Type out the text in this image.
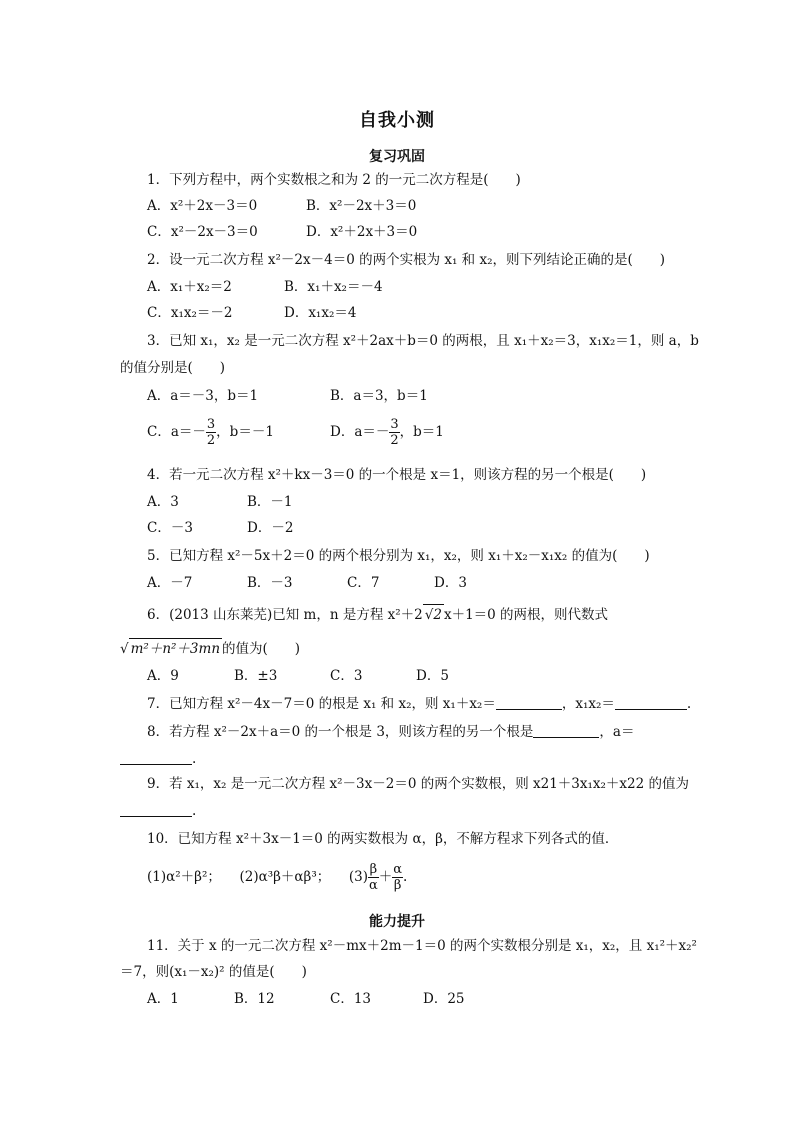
自我小测
复习巩固
1．下列方程中，两个实数根之和为 2 的一元二次方程是(　　)
A．x²＋2x－3＝0	B．x²－2x＋3＝0
C．x²－2x－3＝0	D．x²＋2x＋3＝0
2．设一元二次方程 x²－2x－4＝0 的两个实根为 x₁ 和 x₂，则下列结论正确的是(　　)
A．x₁＋x₂＝2	B．x₁＋x₂＝－4
C．x₁x₂＝－2	D．x₁x₂＝4
3．已知 x₁，x₂ 是一元二次方程 x²＋2ax＋b＝0 的两根，且 x₁＋x₂＝3，x₁x₂＝1，则 a，b
的值分别是(　　)
A．a＝－3，b＝1	B．a＝3，b＝1
C．$a=- \frac{3}{2}$ ，b＝－1	D．$a=- \frac{3}{2}$ ，b＝1
4．若一元二次方程 x²＋kx－3＝0 的一个根是 x＝1，则该方程的另一个根是(　　)
A．3	B．－1
C．－3	D．－2
5．已知方程 x²－5x＋2＝0 的两个根分别为 x₁，x₂，则 x₁＋x₂－x₁x₂ 的值为(　　)
A．－7	B．－3	C．7	D．3
6．(2013 山东莱芜)已知 m，n 是方程 x²＋2 √2 x＋1＝0 的两根，则代数式
√ m²＋n²＋3mn 的值为(　　)
A．9	B．±3	C．3	D．5
7．已知方程 x²－4x－7＝0 的根是 x₁ 和 x₂，则 x₁＋x₂＝	，x₁x₂＝	.
8．若方程 x²－2x＋a＝0 的一个根是 3，则该方程的另一个根是	，a＝
.
9．若 x₁，x₂ 是一元二次方程 x²－3x－2＝0 的两个实数根，则 x21＋3x₁x₂＋x22 的值为
.
10．已知方程 x²＋3x－1＝0 的两实数根为 α，β，不解方程求下列各式的值．
(1)α²＋β²； (2)α³β＋αβ³； $(3) \frac{\beta}{\alpha} + \frac{\alpha}{\beta}$ .
能力提升
11．关于 x 的一元二次方程 x²－mx＋2m－1＝0 的两个实数根分别是 x₁，x₂，且 x₁²＋x₂²
＝7，则(x₁－x₂)² 的值是(　　)
A．1	B．12	C．13	D．25
